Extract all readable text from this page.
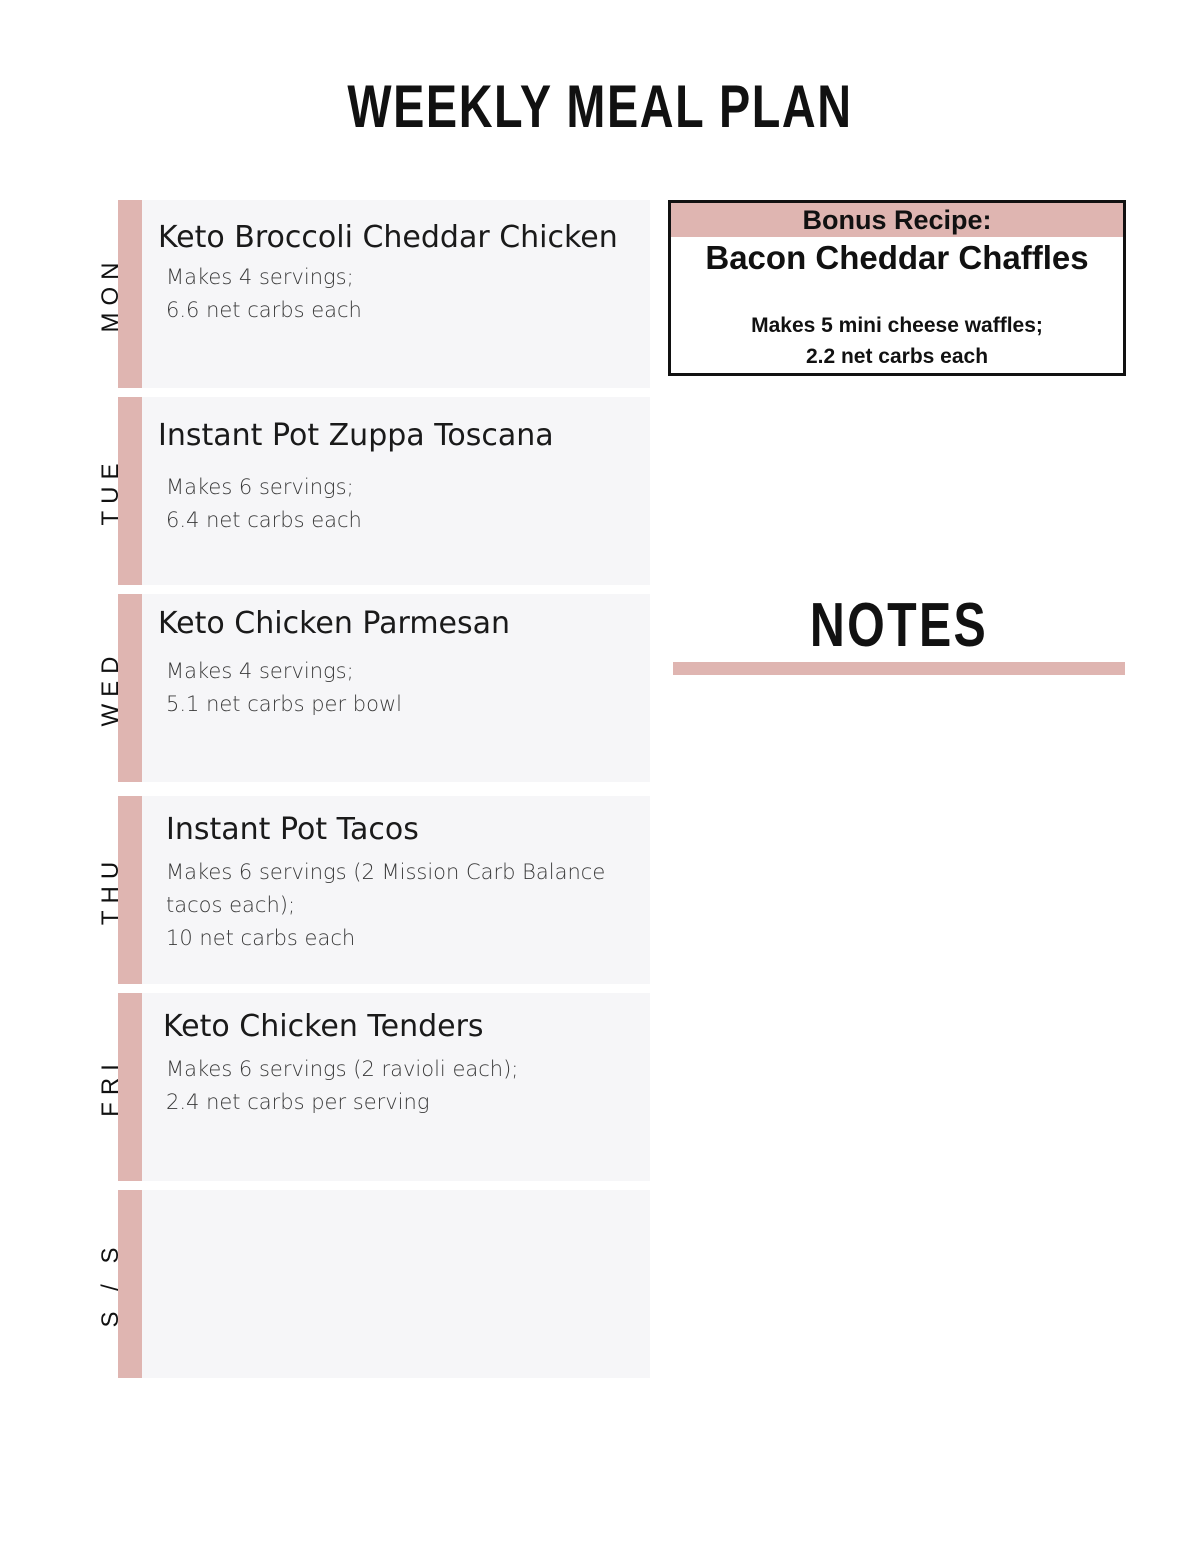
WEEKLY MEAL PLAN
MON
Keto Broccoli Cheddar Chicken
Makes 4 servings;
6.6 net carbs each
TUE
Instant Pot Zuppa Toscana
Makes 6 servings;
6.4 net carbs each
WED
Keto Chicken Parmesan
Makes 4 servings;
5.1 net carbs per bowl
THU
Instant Pot Tacos
Makes 6 servings (2 Mission Carb Balance
tacos each);
10 net carbs each
FRI
Keto Chicken Tenders
Makes 6 servings (2 ravioli each);
2.4 net carbs per serving
S / S
Bonus Recipe:
Bacon Cheddar Chaffles
Makes 5 mini cheese waffles;
2.2 net carbs each
NOTES
